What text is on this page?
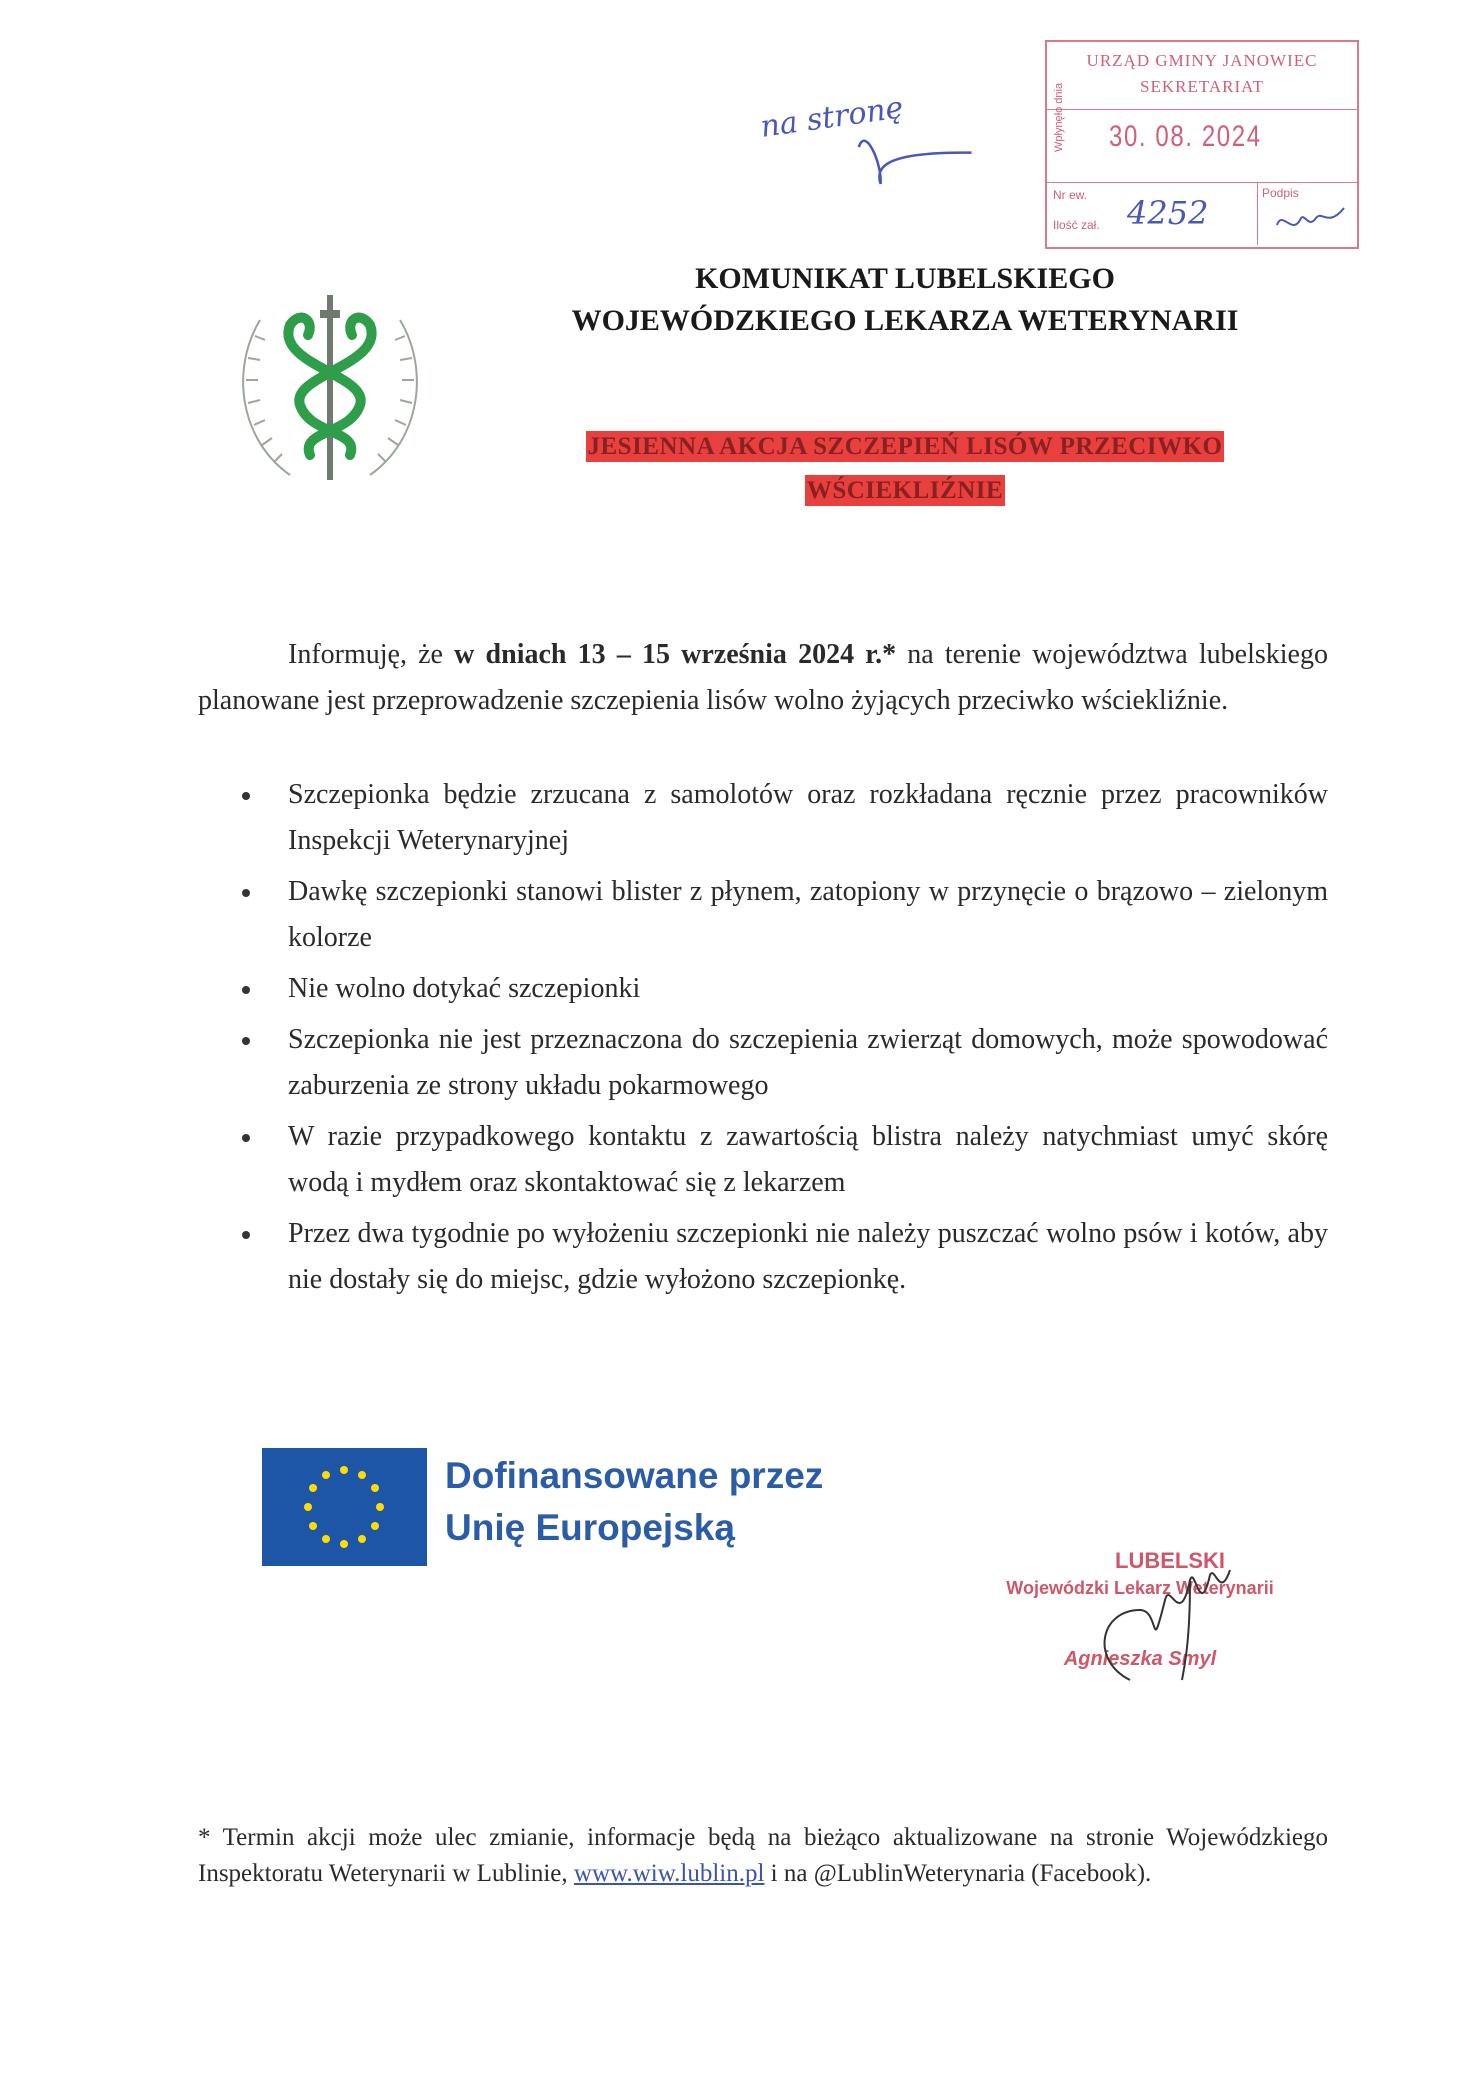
na stronę
URZĄD GMINY JANOWIEC
SEKRETARIAT
Wpłynęło dnia 30. 08. 2024
Nr ew.
Ilość zał. 4252
Podpis
KOMUNIKAT LUBELSKIEGO
WOJEWÓDZKIEGO LEKARZA WETERYNARII
JESIENNA AKCJA SZCZEPIEŃ LISÓW PRZECIWKO
WŚCIEKLIŹNIE

Informuję, że w dniach 13 – 15 września 2024 r.* na terenie województwa lubelskiego planowane jest przeprowadzenie szczepienia lisów wolno żyjących przeciwko wściekliźnie.

Szczepionka będzie zrzucana z samolotów oraz rozkładana ręcznie przez pracowników Inspekcji Weterynaryjnej
Dawkę szczepionki stanowi blister z płynem, zatopiony w przynęcie o brązowo – zielonym kolorze
Nie wolno dotykać szczepionki
Szczepionka nie jest przeznaczona do szczepienia zwierząt domowych, może spowodować zaburzenia ze strony układu pokarmowego
W razie przypadkowego kontaktu z zawartością blistra należy natychmiast umyć skórę wodą i mydłem oraz skontaktować się z lekarzem
Przez dwa tygodnie po wyłożeniu szczepionki nie należy puszczać wolno psów i kotów, aby nie dostały się do miejsc, gdzie wyłożono szczepionkę.
Dofinansowane przez
Unię Europejską
LUBELSKI
Wojewódzki Lekarz Weterynarii
Agnieszka Smyl

* Termin akcji może ulec zmianie, informacje będą na bieżąco aktualizowane na stronie Wojewódzkiego Inspektoratu Weterynarii w Lublinie, www.wiw.lublin.pl i na @LublinWeterynaria (Facebook).
